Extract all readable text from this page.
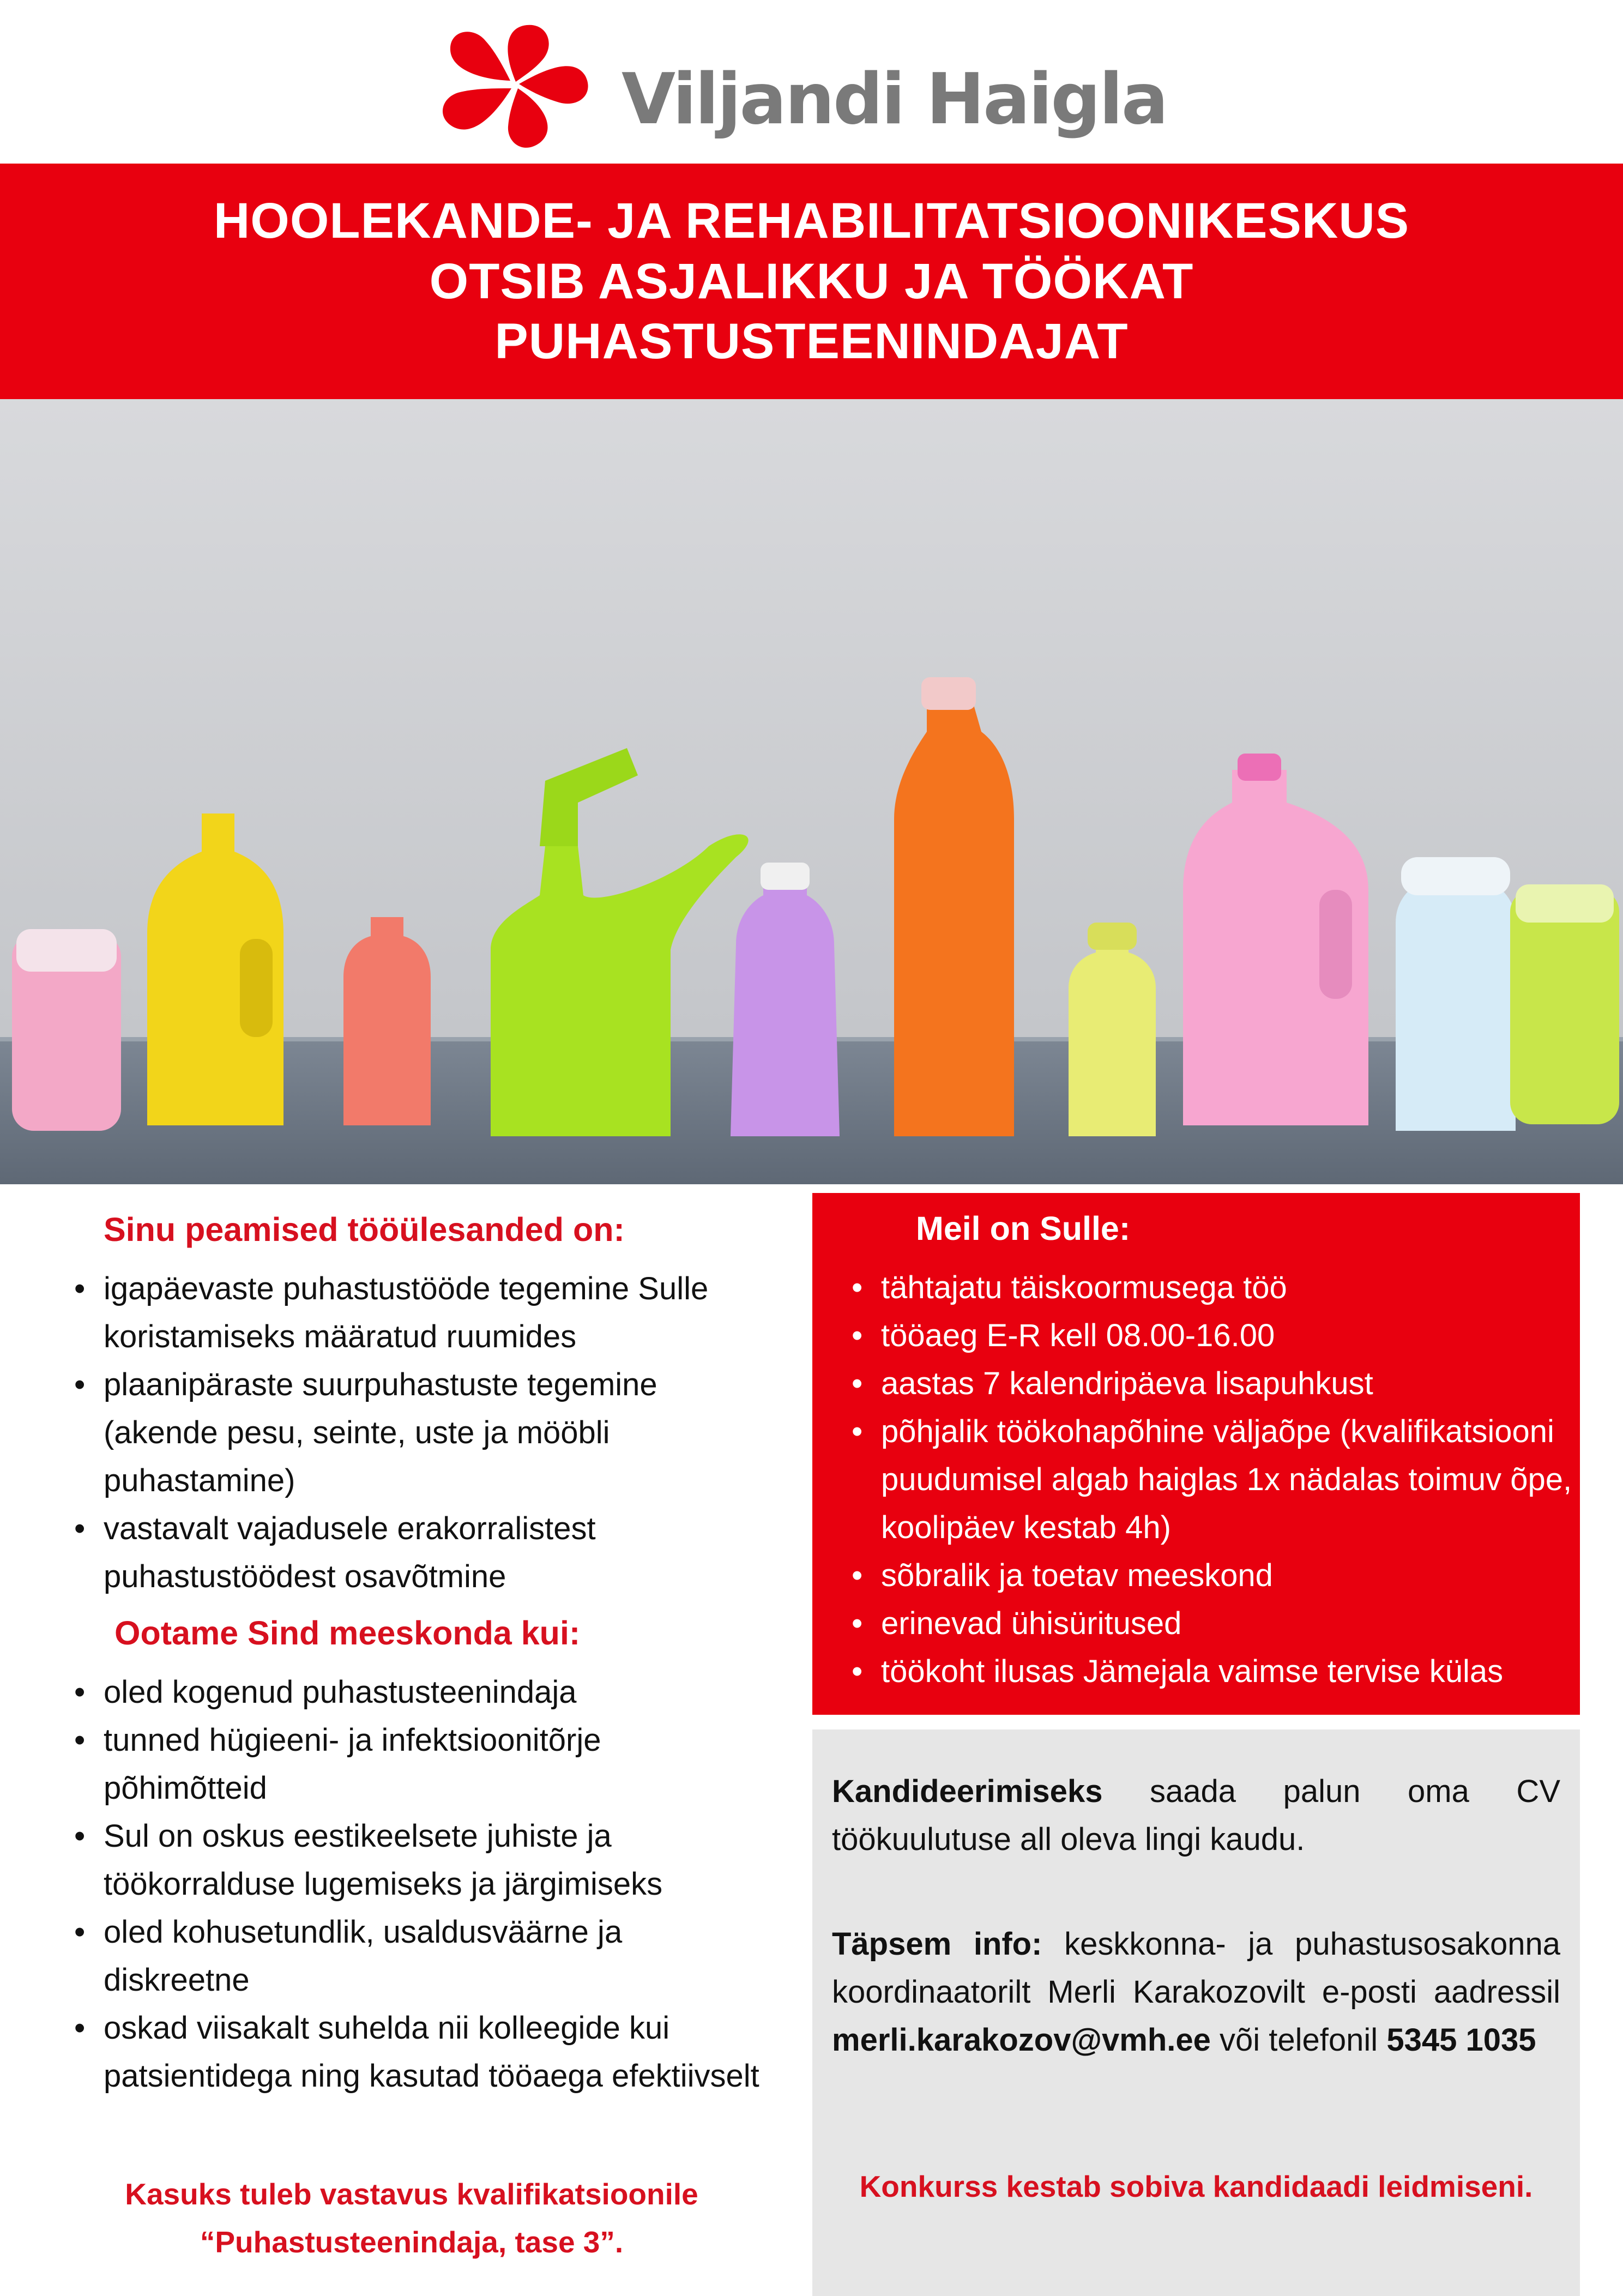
Viljandi Haigla
HOOLEKANDE- JA REHABILITATSIOONIKESKUS
OTSIB ASJALIKKU JA TÖÖKAT
PUHASTUSTEENINDAJAT
Sinu peamised tööülesanded on:
• igapäevaste puhastustööde tegemine Sulle koristamiseks määratud ruumides
• plaanipäraste suurpuhastuste tegemine (akende pesu, seinte, uste ja mööbli puhastamine)
• vastavalt vajadusele erakorralistest puhastustöödest osavõtmine
Ootame Sind meeskonda kui:
• oled kogenud puhastusteenindaja
• tunned hügieeni- ja infektsioonitõrje põhimõtteid
• Sul on oskus eestikeelsete juhiste ja töökorralduse lugemiseks ja järgimiseks
• oled kohusetundlik, usaldusväärne ja diskreetne
• oskad viisakalt suhelda nii kolleegide kui patsientidega ning kasutad tööaega efektiivselt
Kasuks tuleb vastavus kvalifikatsioonile
“Puhastusteenindaja, tase 3”.
Meil on Sulle:
• tähtajatu täiskoormusega töö
• tööaeg E-R kell 08.00-16.00
• aastas 7 kalendripäeva lisapuhkust
• põhjalik töökohapõhine väljaõpe (kvalifikatsiooni puudumisel algab haiglas 1x nädalas toimuv õpe, koolipäev kestab 4h)
• sõbralik ja toetav meeskond
• erinevad ühisüritused
• töökoht ilusas Jämejala vaimse tervise külas

Kandideerimiseks saada palun oma CV töökuulutuse all oleva lingi kaudu.

Täpsem info: keskkonna- ja puhastusosakonna koordinaatorilt Merli Karakozovilt e-posti aadressil merli.karakozov@vmh.ee või telefonil 5345 1035

Konkurss kestab sobiva kandidaadi leidmiseni.
